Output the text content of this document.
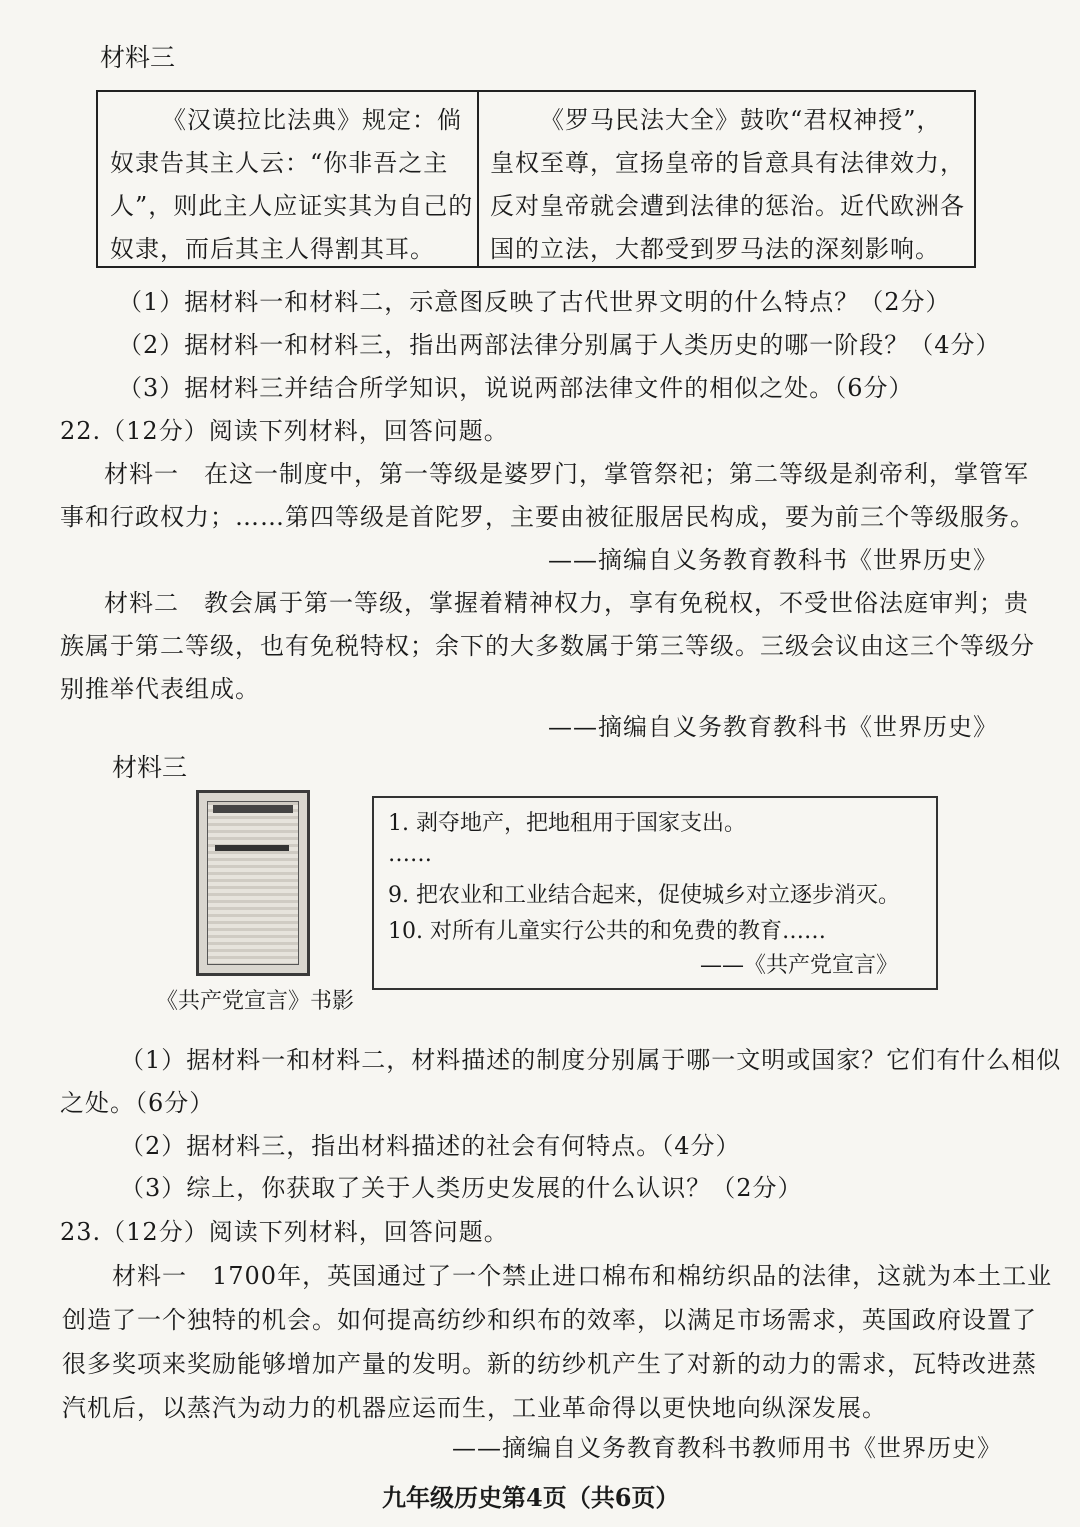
材料三
《汉谟拉比法典》规定：倘
奴隶告其主人云：“你非吾之主
人”，则此主人应证实其为自己的
奴隶，而后其主人得割其耳。
《罗马民法大全》鼓吹“君权神授”，
皇权至尊，宣扬皇帝的旨意具有法律效力，
反对皇帝就会遭到法律的惩治。近代欧洲各
国的立法，大都受到罗马法的深刻影响。
（1）据材料一和材料二，示意图反映了古代世界文明的什么特点？（2分）
（2）据材料一和材料三，指出两部法律分别属于人类历史的哪一阶段？（4分）
（3）据材料三并结合所学知识，说说两部法律文件的相似之处。（6分）
22.（12分）阅读下列材料，回答问题。
材料一　在这一制度中，第一等级是婆罗门，掌管祭祀；第二等级是刹帝利，掌管军
事和行政权力；……第四等级是首陀罗，主要由被征服居民构成，要为前三个等级服务。
——摘编自义务教育教科书《世界历史》
材料二　教会属于第一等级，掌握着精神权力，享有免税权，不受世俗法庭审判；贵
族属于第二等级，也有免税特权；余下的大多数属于第三等级。三级会议由这三个等级分
别推举代表组成。
——摘编自义务教育教科书《世界历史》
材料三
《共产党宣言》书影
1. 剥夺地产，把地租用于国家支出。
……
9. 把农业和工业结合起来，促使城乡对立逐步消灭。
10. 对所有儿童实行公共的和免费的教育……
——《共产党宣言》
（1）据材料一和材料二，材料描述的制度分别属于哪一文明或国家？它们有什么相似
之处。（6分）
（2）据材料三，指出材料描述的社会有何特点。（4分）
（3）综上，你获取了关于人类历史发展的什么认识？（2分）
23.（12分）阅读下列材料，回答问题。
材料一　1700年，英国通过了一个禁止进口棉布和棉纺织品的法律，这就为本土工业
创造了一个独特的机会。如何提高纺纱和织布的效率，以满足市场需求，英国政府设置了
很多奖项来奖励能够增加产量的发明。新的纺纱机产生了对新的动力的需求，瓦特改进蒸
汽机后，以蒸汽为动力的机器应运而生，工业革命得以更快地向纵深发展。
——摘编自义务教育教科书教师用书《世界历史》
九年级历史第4页（共6页）
